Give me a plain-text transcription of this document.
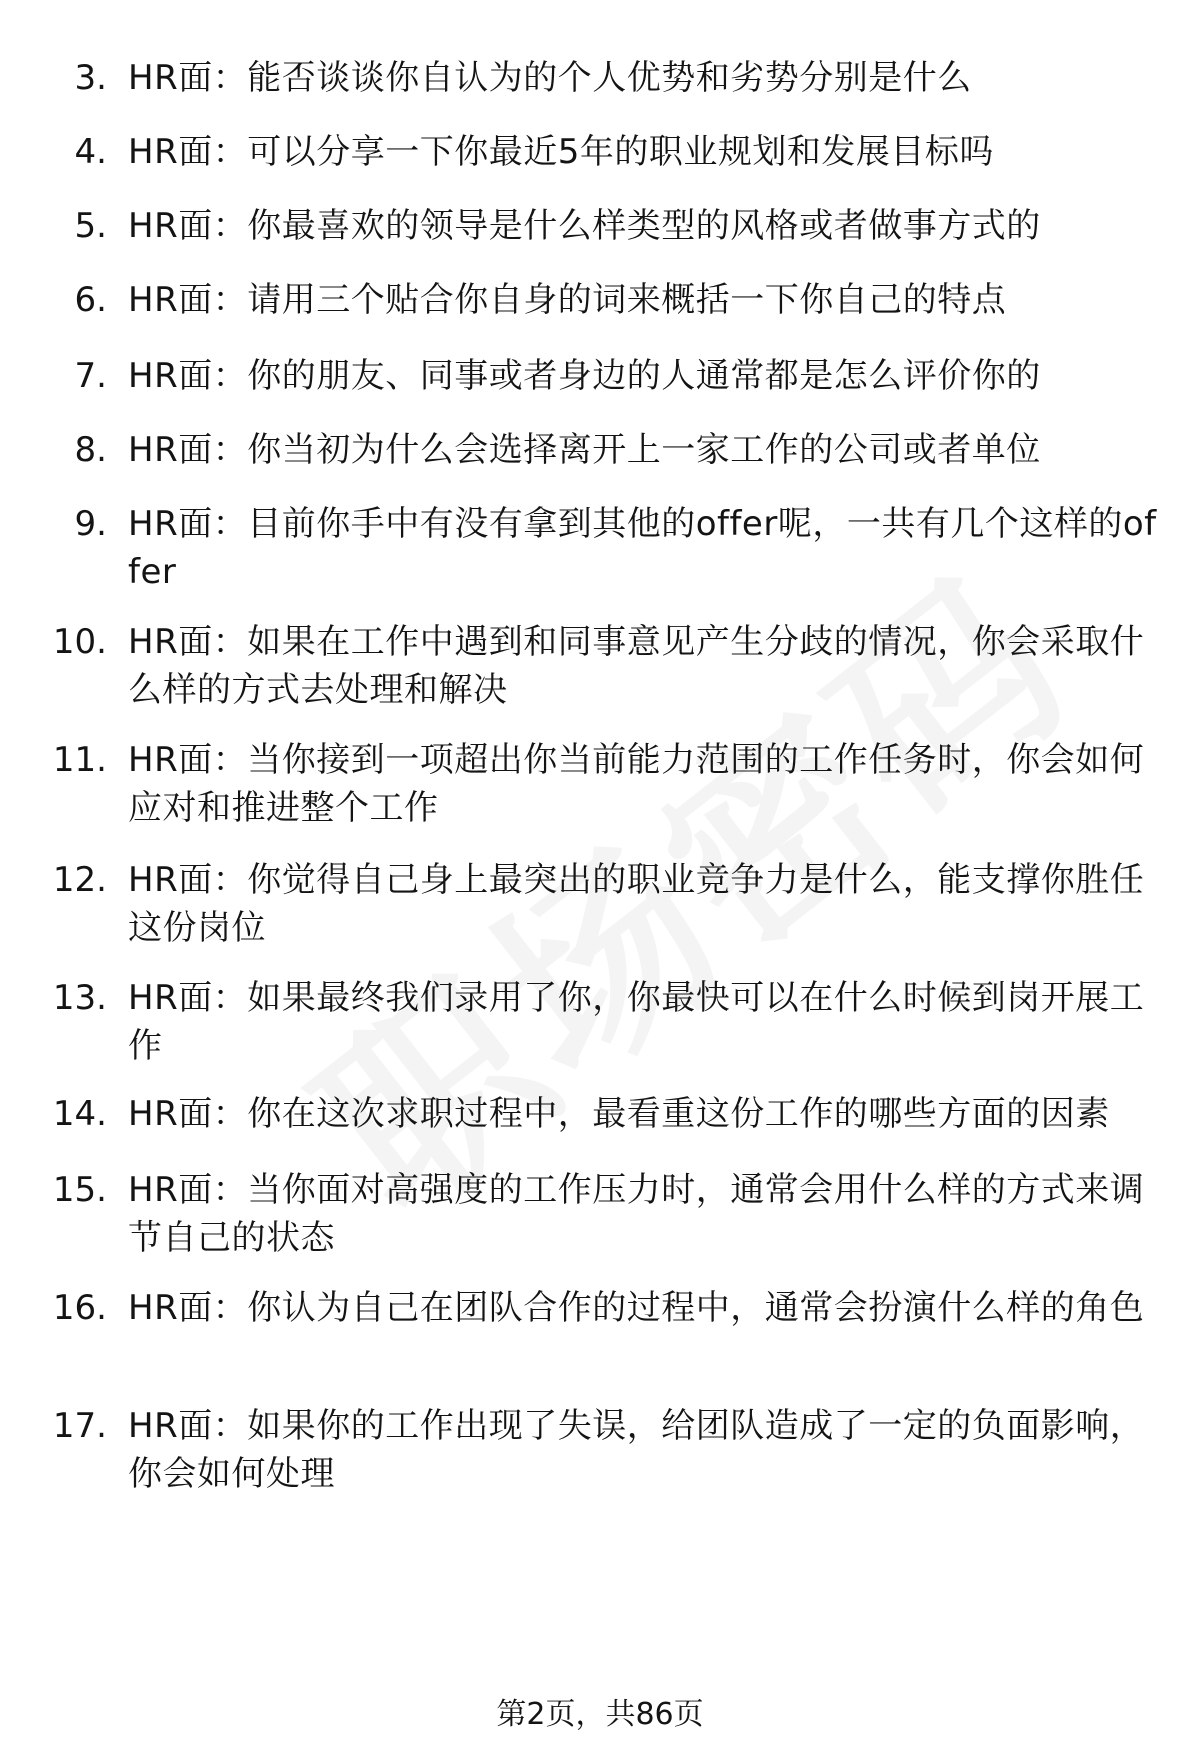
3. HR面：能否谈谈你自认为的个人优势和劣势分别是什么
4. HR面：可以分享一下你最近5年的职业规划和发展目标吗
5. HR面：你最喜欢的领导是什么样类型的风格或者做事方式的
6. HR面：请用三个贴合你自身的词来概括一下你自己的特点
7. HR面：你的朋友、同事或者身边的人通常都是怎么评价你的
8. HR面：你当初为什么会选择离开上一家工作的公司或者单位
9. HR面：目前你手中有没有拿到其他的offer呢，一共有几个这样的offer
10. HR面：如果在工作中遇到和同事意见产生分歧的情况，你会采取什么样的方式去处理和解决
11. HR面：当你接到一项超出你当前能力范围的工作任务时，你会如何应对和推进整个工作
12. HR面：你觉得自己身上最突出的职业竞争力是什么，能支撑你胜任这份岗位
13. HR面：如果最终我们录用了你，你最快可以在什么时候到岗开展工作
14. HR面：你在这次求职过程中，最看重这份工作的哪些方面的因素
15. HR面：当你面对高强度的工作压力时，通常会用什么样的方式来调节自己的状态
16. HR面：你认为自己在团队合作的过程中，通常会扮演什么样的角色
17. HR面：如果你的工作出现了失误，给团队造成了一定的负面影响，你会如何处理
第2页，共86页
